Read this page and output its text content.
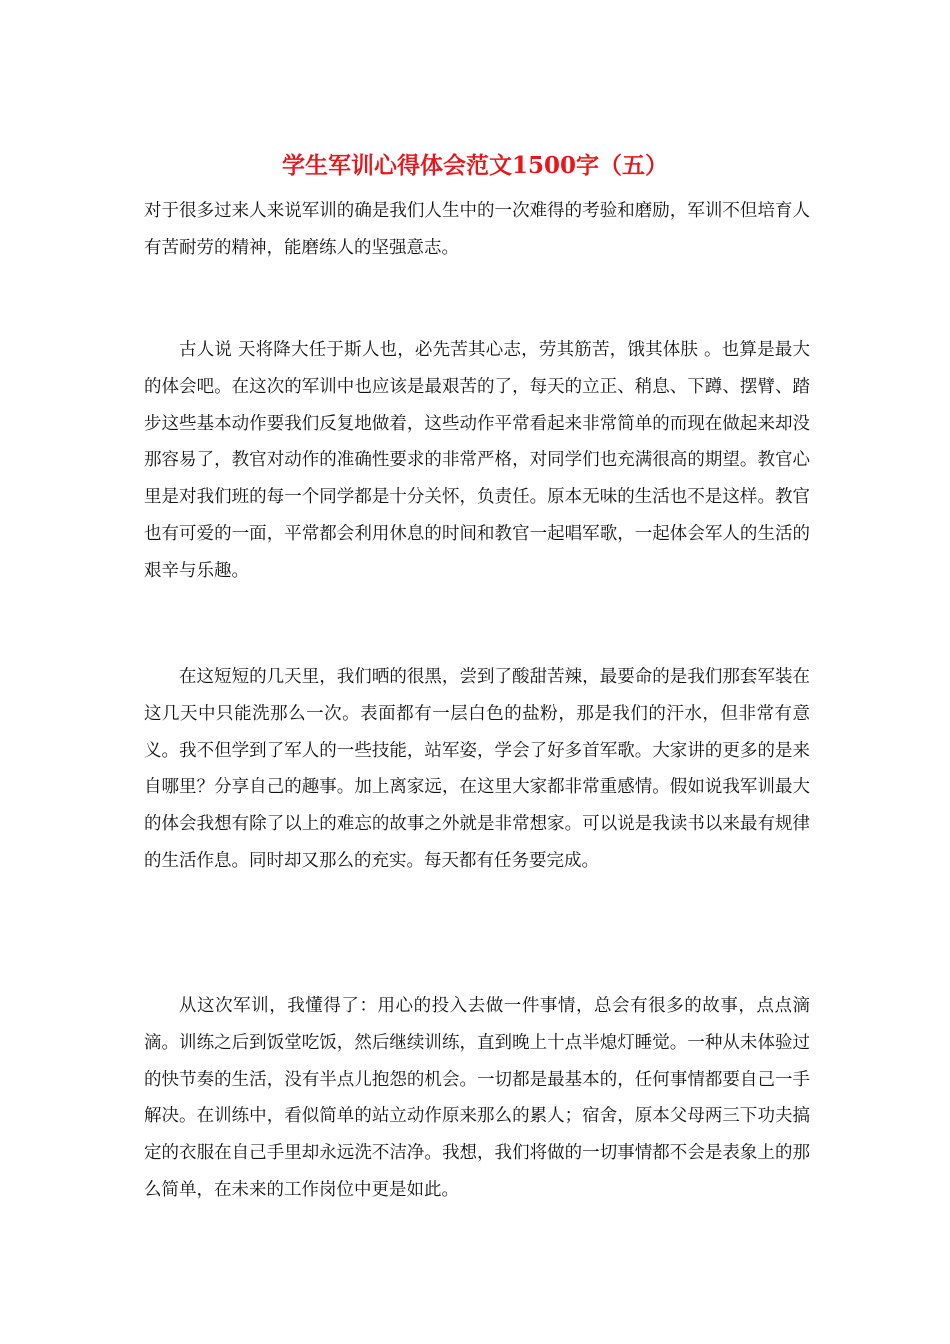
学生军训心得体会范文1500字（五）

对于很多过来人来说军训的确是我们人生中的一次难得的考验和磨励，军训不但培育人有苦耐劳的精神，能磨练人的坚强意志。

古人说 天将降大任于斯人也，必先苦其心志，劳其筋苦，饿其体肤 。也算是最大的体会吧。在这次的军训中也应该是最艰苦的了，每天的立正、稍息、下蹲、摆臂、踏步这些基本动作要我们反复地做着，这些动作平常看起来非常简单的而现在做起来却没那容易了，教官对动作的准确性要求的非常严格，对同学们也充满很高的期望。教官心里是对我们班的每一个同学都是十分关怀，负责任。原本无味的生活也不是这样。教官也有可爱的一面，平常都会利用休息的时间和教官一起唱军歌，一起体会军人的生活的艰辛与乐趣。

在这短短的几天里，我们晒的很黑，尝到了酸甜苦辣，最要命的是我们那套军装在这几天中只能洗那么一次。表面都有一层白色的盐粉，那是我们的汗水，但非常有意义。我不但学到了军人的一些技能，站军姿，学会了好多首军歌。大家讲的更多的是来自哪里？分享自己的趣事。加上离家远，在这里大家都非常重感情。假如说我军训最大的体会我想有除了以上的难忘的故事之外就是非常想家。可以说是我读书以来最有规律的生活作息。同时却又那么的充实。每天都有任务要完成。

从这次军训，我懂得了：用心的投入去做一件事情，总会有很多的故事，点点滴滴。训练之后到饭堂吃饭，然后继续训练，直到晚上十点半熄灯睡觉。一种从未体验过的快节奏的生活，没有半点儿抱怨的机会。一切都是最基本的，任何事情都要自己一手解决。在训练中，看似简单的站立动作原来那么的累人；宿舍，原本父母两三下功夫搞定的衣服在自己手里却永远洗不洁净。我想，我们将做的一切事情都不会是表象上的那么简单，在未来的工作岗位中更是如此。
